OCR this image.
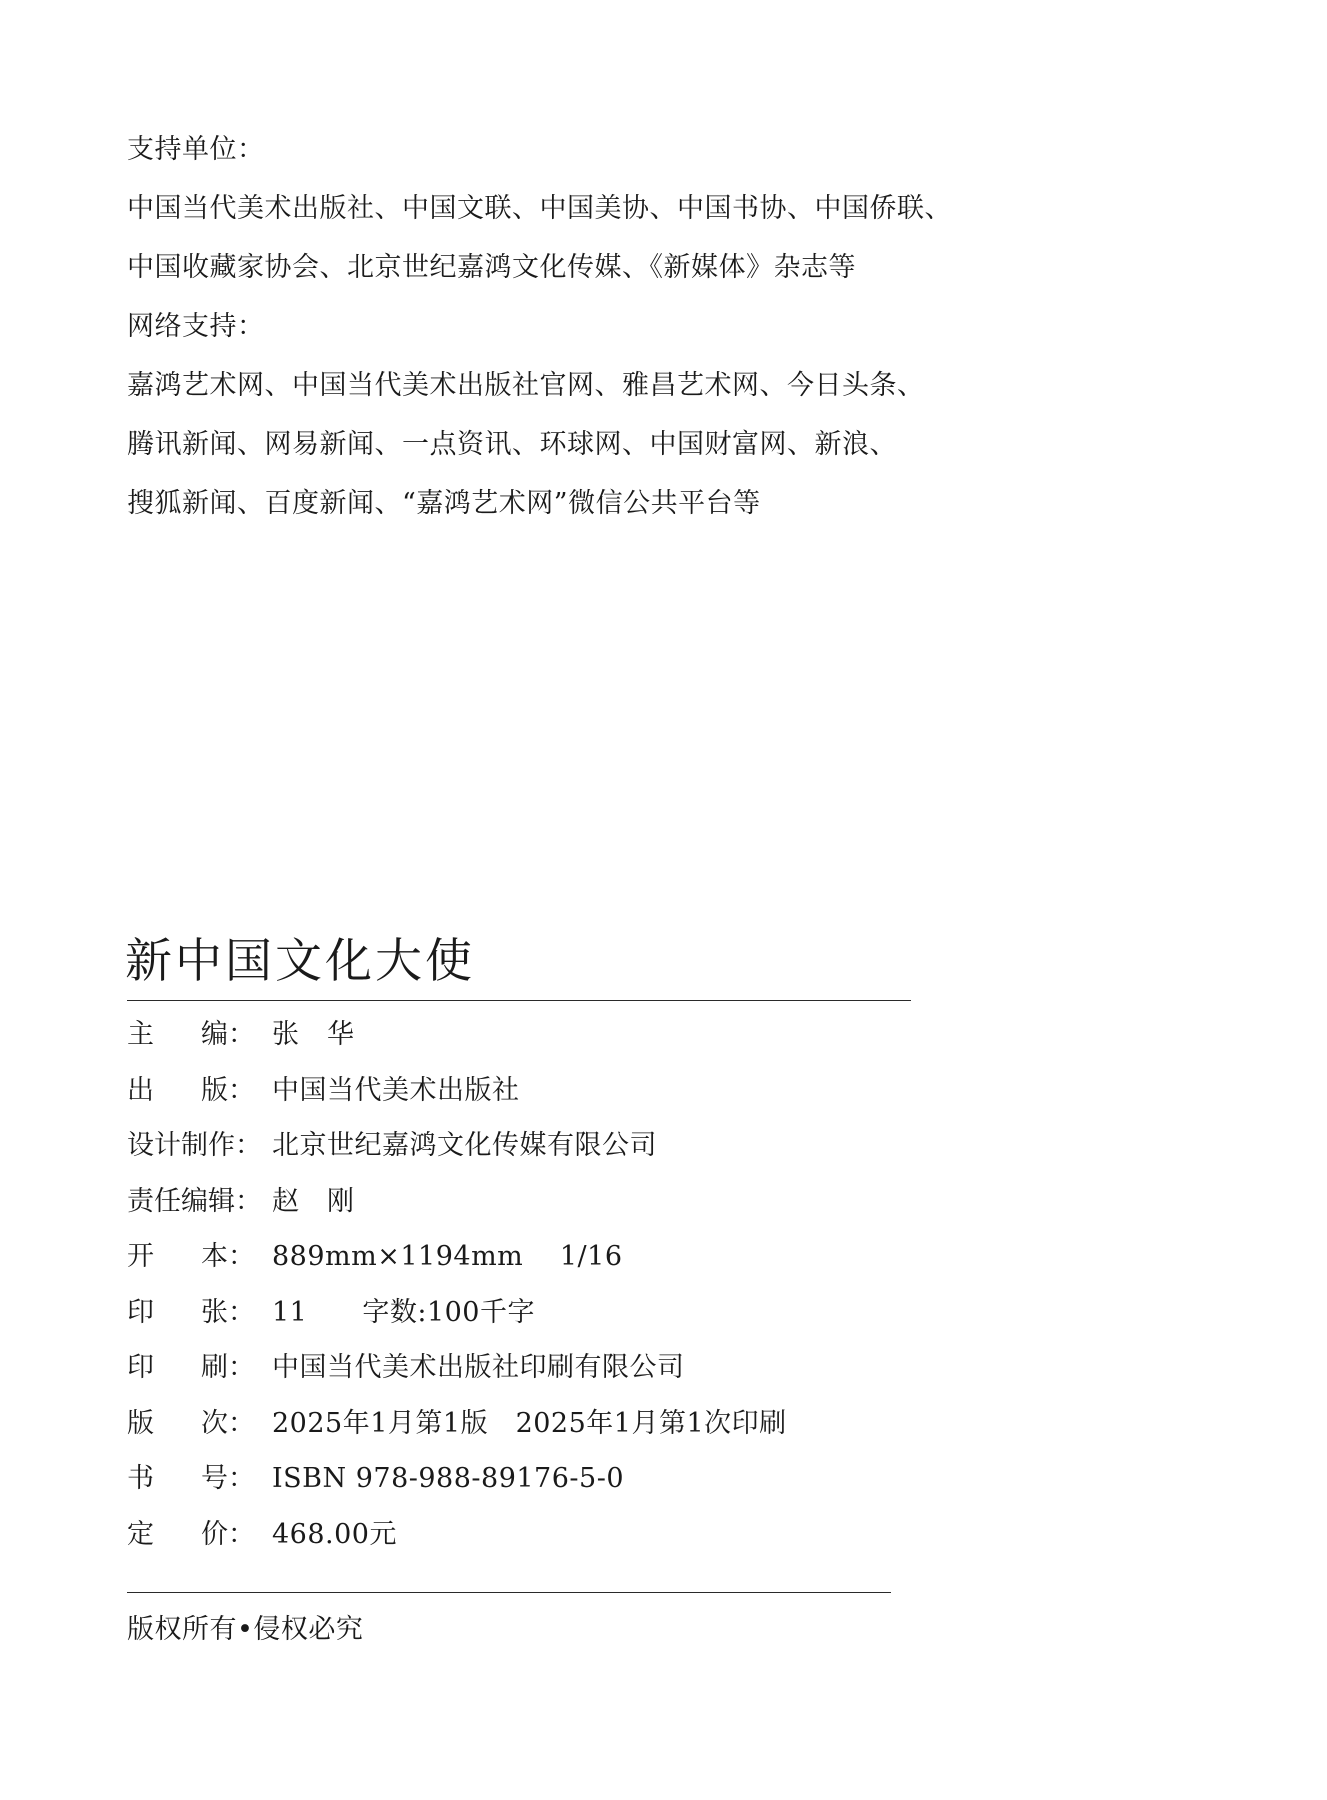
支持单位：
中国当代美术出版社、中国文联、中国美协、中国书协、中国侨联、
中国收藏家协会、北京世纪嘉鸿文化传媒、《新媒体》杂志等
网络支持：
嘉鸿艺术网、中国当代美术出版社官网、雅昌艺术网、今日头条、
腾讯新闻、网易新闻、一点资讯、环球网、中国财富网、新浪、
搜狐新闻、百度新闻、“嘉鸿艺术网”微信公共平台等
新中国文化大使
主 编： 张　华
出 版： 中国当代美术出版社
设计制作： 北京世纪嘉鸿文化传媒有限公司
责任编辑： 赵　刚
开 本： 889mm×1194mm　 1/16
印 张： 11　　字数:100千字
印 刷： 中国当代美术出版社印刷有限公司
版 次： 2025年1月第1版　2025年1月第1次印刷
书 号： ISBN 978-988-89176-5-0
定 价： 468.00元
版权所有•侵权必究
